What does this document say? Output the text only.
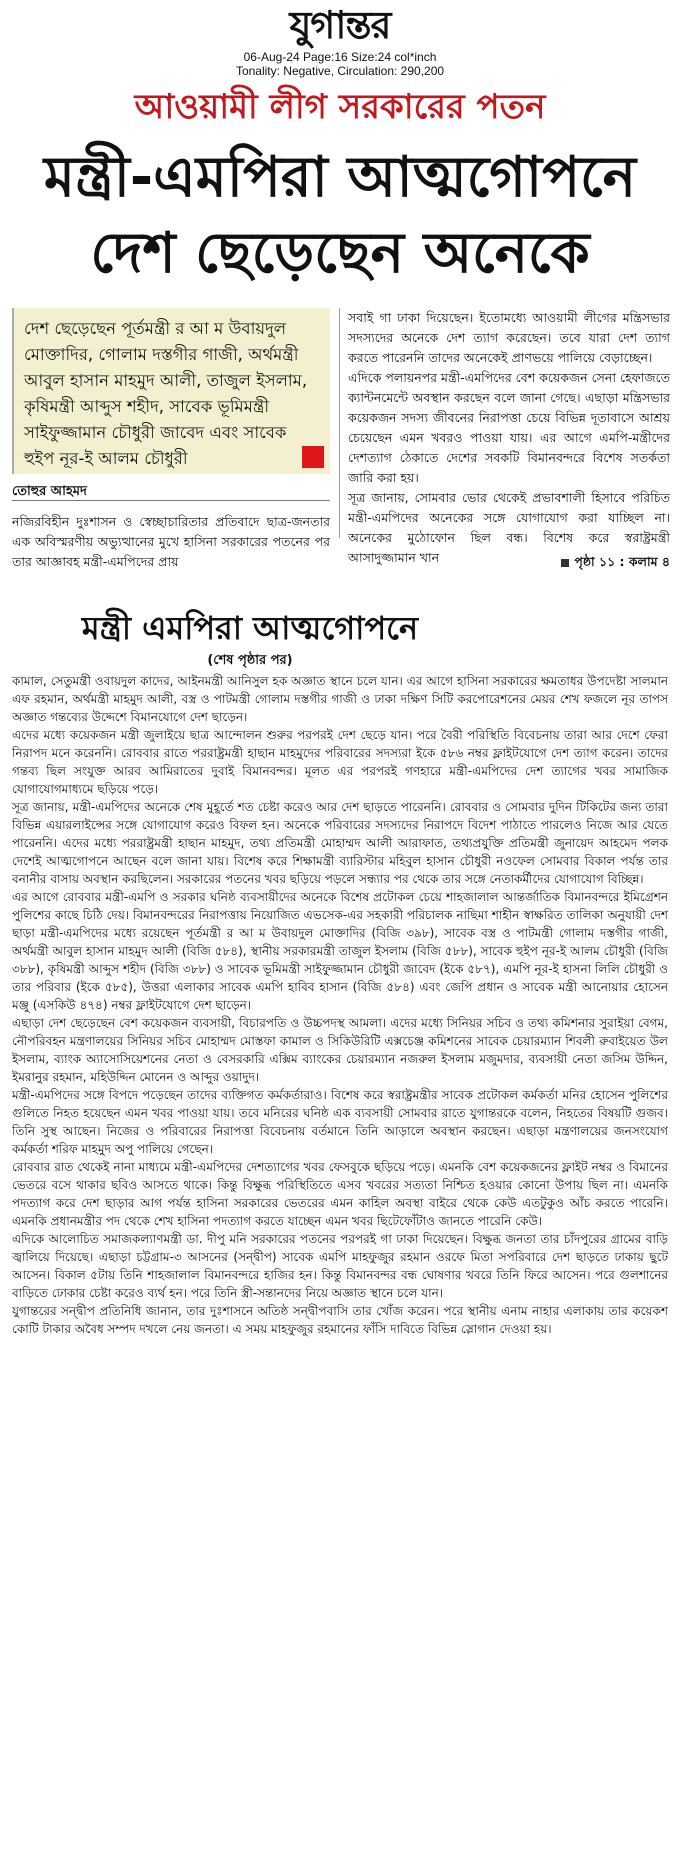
যুগান্তর
06-Aug-24 Page:16 Size:24 col*inch
Tonality: Negative, Circulation: 290,200
আওয়ামী লীগ সরকারের পতন
মন্ত্রী-এমপিরা আত্মগোপনে
দেশ ছেড়েছেন অনেকে
দেশ ছেড়েছেন পূর্তমন্ত্রী র আ ম উবায়দুল মোক্তাদির, গোলাম দস্তগীর গাজী, অর্থমন্ত্রী আবুল হাসান মাহমুদ আলী, তাজুল ইসলাম, কৃষিমন্ত্রী আব্দুস শহীদ, সাবেক ভূমিমন্ত্রী সাইফুজ্জামান চৌধুরী জাবেদ এবং সাবেক হুইপ নূর-ই আলম চৌধুরী
তোহুর আহমদ

নজিরবিহীন দুঃশাসন ও স্বেচ্ছাচারিতার প্রতিবাদে ছাত্র-জনতার এক অবিস্মরণীয় অভ্যুত্থানের মুখে হাসিনা সরকারের পতনের পর তার আজ্ঞাবহ মন্ত্রী-এমপিদের প্রায়

সবাই গা ঢাকা দিয়েছেন। ইতোমধ্যে আওয়ামী লীগের মন্ত্রিসভার সদস্যদের অনেকে দেশ ত্যাগ করেছেন। তবে যারা দেশ ত্যাগ করতে পারেননি তাদের অনেকেই প্রাণভয়ে পালিয়ে বেড়াচ্ছেন।

এদিকে পলায়নপর মন্ত্রী-এমপিদের বেশ কয়েকজন সেনা হেফাজতে ক্যান্টনমেন্টে অবস্থান করছেন বলে জানা গেছে। এছাড়া মন্ত্রিসভার কয়েকজন সদস্য জীবনের নিরাপত্তা চেয়ে বিভিন্ন দূতাবাসে আশ্রয় চেয়েছেন এমন খবরও পাওয়া যায়। এর আগে এমপি-মন্ত্রীদের দেশত্যাগ ঠেকাতে দেশের সবকটি বিমানবন্দরে বিশেষ সতর্কতা জারি করা হয়।

সূত্র জানায়, সোমবার ভোর থেকেই প্রভাবশালী হিসাবে পরিচিত মন্ত্রী-এমপিদের অনেকের সঙ্গে যোগাযোগ করা যাচ্ছিল না। অনেকের মুঠোফোন ছিল বন্ধ। বিশেষ করে স্বরাষ্ট্রমন্ত্রী আসাদুজ্জামান খান	পৃষ্ঠা ১১ : কলাম ৪
মন্ত্রী এমপিরা আত্মগোপনে
(শেষ পৃষ্ঠার পর)

কামাল, সেতুমন্ত্রী ওবায়দুল কাদের, আইনমন্ত্রী আনিসুল হক অজ্ঞাত স্থানে চলে যান। এর আগে হাসিনা সরকারের ক্ষমতাধর উপদেষ্টা সালমান এফ রহমান, অর্থমন্ত্রী মাহমুদ আলী, বস্ত্র ও পাটমন্ত্রী গোলাম দস্তগীর গাজী ও ঢাকা দক্ষিণ সিটি করপোরেশনের মেয়র শেখ ফজলে নূর তাপস অজ্ঞাত গন্তব্যের উদ্দেশে বিমানযোগে দেশ ছাড়েন।

এদের মধ্যে কয়েকজন মন্ত্রী জুলাইয়ে ছাত্র আন্দোলন শুরুর পরপরই দেশ ছেড়ে যান। পরে বৈরী পরিস্থিতি বিবেচনায় তারা আর দেশে ফেরা নিরাপদ মনে করেননি। রোববার রাতে পররাষ্ট্রমন্ত্রী হাছান মাহমুদের পরিবারের সদস্যরা ইকে ৫৮৬ নম্বর ফ্লাইটযোগে দেশ ত্যাগ করেন। তাদের গন্তব্য ছিল সংযুক্ত আরব আমিরাতের দুবাই বিমানবন্দর। মূলত এর পরপরই গণহারে মন্ত্রী-এমপিদের দেশ ত্যাগের খবর সামাজিক যোগাযোগমাধ্যমে ছড়িয়ে পড়ে।

সূত্র জানায়, মন্ত্রী-এমপিদের অনেকে শেষ মুহূর্তে শত চেষ্টা করেও আর দেশ ছাড়তে পারেননি। রোববার ও সোমবার দুদিন টিকিটের জন্য তারা বিভিন্ন এয়ারলাইন্সের সঙ্গে যোগাযোগ করেও বিফল হন। অনেকে পরিবারের সদস্যদের নিরাপদে বিদেশ পাঠাতে পারলেও নিজে আর যেতে পারেননি। এদের মধ্যে পররাষ্ট্রমন্ত্রী হাছান মাহমুদ, তথ্য প্রতিমন্ত্রী মোহাম্মদ আলী আরাফাত, তথ্যপ্রযুক্তি প্রতিমন্ত্রী জুনায়েদ আহমেদ পলক দেশেই আত্মগোপনে আছেন বলে জানা যায়। বিশেষ করে শিক্ষামন্ত্রী ব্যারিস্টার মহিবুল হাসান চৌধুরী নওফেল সোমবার বিকাল পর্যন্ত তার বনানীর বাসায় অবস্থান করছিলেন। সরকারের পতনের খবর ছড়িয়ে পড়লে সন্ধ্যার পর থেকে তার সঙ্গে নেতাকর্মীদের যোগাযোগ বিচ্ছিন্ন।

এর আগে রোববার মন্ত্রী-এমপি ও সরকার ঘনিষ্ঠ ব্যবসায়ীদের অনেকে বিশেষ প্রটোকল চেয়ে শাহজালাল আন্তর্জাতিক বিমানবন্দরে ইমিগ্রেশন পুলিশের কাছে চিঠি দেয়। বিমানবন্দরের নিরাপত্তায় নিয়োজিত এভসেক-এর সহকারী পরিচালক নাছিমা শাহীন স্বাক্ষরিত তালিকা অনুযায়ী দেশ ছাড়া মন্ত্রী-এমপিদের মধ্যে রয়েছেন পূর্তমন্ত্রী র আ ম উবায়দুল মোক্তাদির (বিজি ৩৯৮), সাবেক বস্ত্র ও পাটমন্ত্রী গোলাম দস্তগীর গাজী, অর্থমন্ত্রী আবুল হাসান মাহমুদ আলী (বিজি ৫৮৪), স্থানীয় সরকারমন্ত্রী তাজুল ইসলাম (বিজি ৫৮৮), সাবেক হুইপ নূর-ই আলম চৌধুরী (বিজি ৩৮৮), কৃষিমন্ত্রী আব্দুস শহীদ (বিজি ৩৮৮) ও সাবেক ভূমিমন্ত্রী সাইফুজ্জামান চৌধুরী জাবেদ (ইকে ৫৮৭), এমপি নূর-ই হাসনা লিলি চৌধুরী ও তার পরিবার (ইকে ৫৮৫), উত্তরা এলাকার সাবেক এমপি হাবিব হাসান (বিজি ৫৮৪) এবং জেপি প্রধান ও সাবেক মন্ত্রী আনোয়ার হোসেন মঞ্জু (এসকিউ ৪৭৪) নম্বর ফ্লাইটযোগে দেশ ছাড়েন।

এছাড়া দেশ ছেড়েছেন বেশ কয়েকজন ব্যবসায়ী, বিচারপতি ও উচ্চপদস্থ আমলা। এদের মধ্যে সিনিয়র সচিব ও তথ্য কমিশনার সুরাইয়া বেগম, নৌপরিবহন মন্ত্রণালয়ের সিনিয়র সচিব মোহাম্মদ মোস্তফা কামাল ও সিকিউরিটি এক্সচেঞ্জ কমিশনের সাবেক চেয়ারম্যান শিবলী রুবাইয়েত উল ইসলাম, ব্যাংক অ্যাসোসিয়েশনের নেতা ও বেসরকারি এক্সিম ব্যাংকের চেয়ারম্যান নজরুল ইসলাম মজুমদার, ব্যবসায়ী নেতা জসিম উদ্দিন, ইমরানুর রহমান, মহিউদ্দিন মোনেন ও আব্দুর ওয়াদুদ।

মন্ত্রী-এমপিদের সঙ্গে বিপদে পড়েছেন তাদের ব্যক্তিগত কর্মকর্তারাও। বিশেষ করে স্বরাষ্ট্রমন্ত্রীর সাবেক প্রটোকল কর্মকর্তা মনির হোসেন পুলিশের গুলিতে নিহত হয়েছেন এমন খবর পাওয়া যায়। তবে মনিরের ঘনিষ্ঠ এক ব্যবসায়ী সোমবার রাতে যুগান্তরকে বলেন, নিহতের বিষয়টি গুজব। তিনি সুস্থ আছেন। নিজের ও পরিবারের নিরাপত্তা বিবেচনায় বর্তমানে তিনি আড়ালে অবস্থান করছেন। এছাড়া মন্ত্রণালয়ের জনসংযোগ কর্মকর্তা শরিফ মাহমুদ অপু পালিয়ে গেছেন।

রোববার রাত থেকেই নানা মাধ্যমে মন্ত্রী-এমপিদের দেশত্যাগের খবর ফেসবুকে ছড়িয়ে পড়ে। এমনকি বেশ কয়েকজনের ফ্লাইট নম্বর ও বিমানের ভেতরে বসে থাকার ছবিও আসতে থাকে। কিন্তু বিক্ষুব্ধ পরিস্থিতিতে এসব খবরের সত্যতা নিশ্চিত হওয়ার কোনো উপায় ছিল না। এমনকি পদত্যাগ করে দেশ ছাড়ার আগ পর্যন্ত হাসিনা সরকারের ভেতরের এমন কাহিল অবস্থা বাইরে থেকে কেউ এতটুকুও আঁচ করতে পারেনি। এমনকি প্রধানমন্ত্রীর পদ থেকে শেখ হাসিনা পদত্যাগ করতে যাচ্ছেন এমন খবর ছিটেফোঁটাও জানতে পারেনি কেউ।

এদিকে আলোচিত সমাজকল্যাণমন্ত্রী ডা. দীপু মনি সরকারের পতনের পরপরই গা ঢাকা দিয়েছেন। বিক্ষুব্ধ জনতা তার চাঁদপুরের গ্রামের বাড়ি জ্বালিয়ে দিয়েছে। এছাড়া চট্টগ্রাম-৩ আসনের (সন্দ্বীপ) সাবেক এমপি মাহফুজুর রহমান ওরফে মিতা সপরিবারে দেশ ছাড়তে ঢাকায় ছুটে আসেন। বিকাল ৫টায় তিনি শাহজালাল বিমানবন্দরে হাজির হন। কিন্তু বিমানবন্দর বন্ধ ঘোষণার খবরে তিনি ফিরে আসেন। পরে গুলশানের বাড়িতে ঢোকার চেষ্টা করেও ব্যর্থ হন। পরে তিনি স্ত্রী-সন্তানদের নিয়ে অজ্ঞাত স্থানে চলে যান।

যুগান্তরের সন্দ্বীপ প্রতিনিধি জানান, তার দুঃশাসনে অতিষ্ঠ সন্দ্বীপবাসি তার খোঁজ করেন। পরে স্থানীয় এনাম নাহার এলাকায় তার কয়েকশ কোটি টাকার অবৈধ সম্পদ দখলে নেয় জনতা। এ সময় মাহফুজুর রহমানের ফাঁসি দাবিতে বিভিন্ন স্লোগান দেওয়া হয়।
